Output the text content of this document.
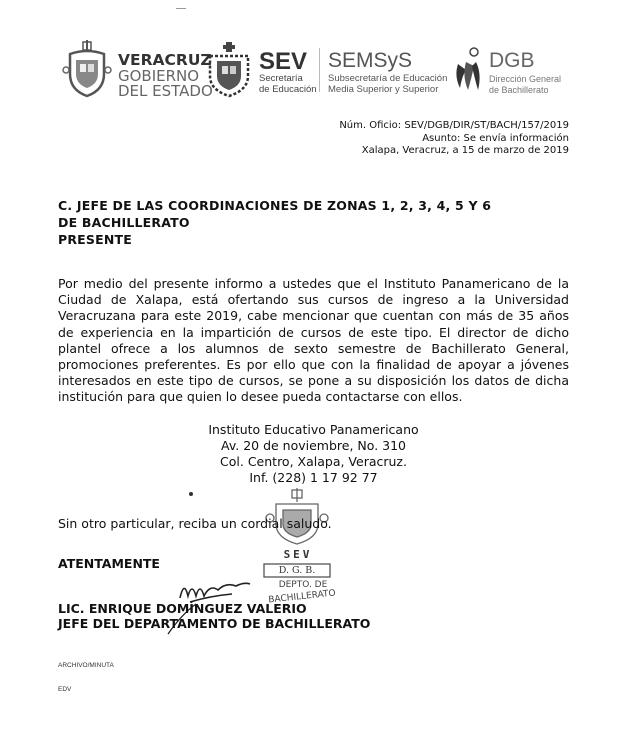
VERACRUZ
GOBIERNO
DEL ESTADO
SEV
Secretaría
de Educación
SEMSyS
Subsecretaría de Educación
Media Superior y Superior
DGB
Dirección General
de Bachillerato
Núm. Oficio: SEV/DGB/DIR/ST/BACH/157/2019
Asunto: Se envía información
Xalapa, Veracruz, a 15 de marzo de 2019
C. JEFE DE LAS COORDINACIONES DE ZONAS 1, 2, 3, 4, 5 Y 6
DE BACHILLERATO
PRESENTE
Por medio del presente informo a ustedes que el Instituto Panamericano de la Ciudad de Xalapa, está ofertando sus cursos de ingreso a la Universidad Veracruzana para este 2019, cabe mencionar que cuentan con más de 35 años de experiencia en la impartición de cursos de este tipo. El director de dicho plantel ofrece a los alumnos de sexto semestre de Bachillerato General, promociones preferentes. Es por ello que con la finalidad de apoyar a jóvenes interesados en este tipo de cursos, se pone a su disposición los datos de dicha institución para que quien lo desee pueda contactarse con ellos.
Instituto Educativo Panamericano
Av. 20 de noviembre, No. 310
Col. Centro, Xalapa, Veracruz.
Inf. (228) 1 17 92 77
SEV
D. G. B.
DEPTO. DE
BACHILLERATO
Sin otro particular, reciba un cordial saludo.
ATENTAMENTE
LIC. ENRIQUE DOMÍNGUEZ VALERIO
JEFE DEL DEPARTAMENTO DE BACHILLERATO
ARCHIVO/MINUTA
EDV
